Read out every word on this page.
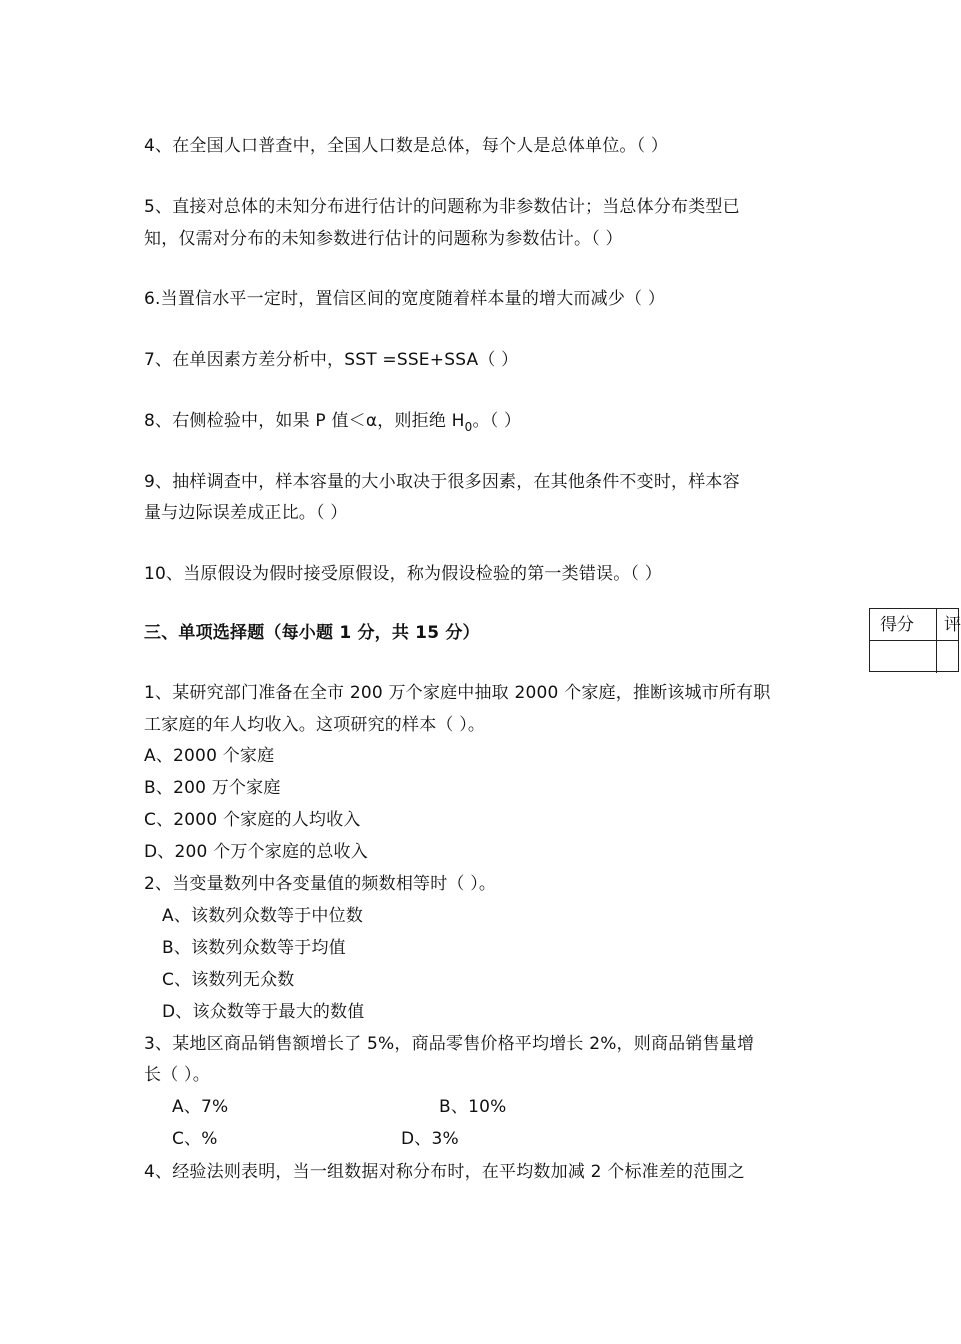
4、在全国人口普查中，全国人口数是总体，每个人是总体单位。（ ）
5、直接对总体的未知分布进行估计的问题称为非参数估计；当总体分布类型已
知，仅需对分布的未知参数进行估计的问题称为参数估计。（ ）
6.当置信水平一定时，置信区间的宽度随着样本量的增大而减少（ ）
7、在单因素方差分析中，SST =SSE+SSA（ ）
8、右侧检验中，如果 P 值＜α，则拒绝 $H_0$。（ ）
9、抽样调查中，样本容量的大小取决于很多因素，在其他条件不变时，样本容
量与边际误差成正比。（ ）
10、当原假设为假时接受原假设，称为假设检验的第一类错误。（ ）
三、单项选择题（每小题 1 分，共 15 分）	得分 评
1、某研究部门准备在全市 200 万个家庭中抽取 2000 个家庭，推断该城市所有职
工家庭的年人均收入。这项研究的样本（ ）。
A、2000 个家庭
B、200 万个家庭
C、2000 个家庭的人均收入
D、200 个万个家庭的总收入
2、当变量数列中各变量值的频数相等时（ ）。
A、该数列众数等于中位数
B、该数列众数等于均值
C、该数列无众数
D、该众数等于最大的数值
3、某地区商品销售额增长了 5%，商品零售价格平均增长 2%，则商品销售量增
长（ ）。
A、7%	B、10%
C、%	D、3%
4、经验法则表明，当一组数据对称分布时，在平均数加减 2 个标准差的范围之
